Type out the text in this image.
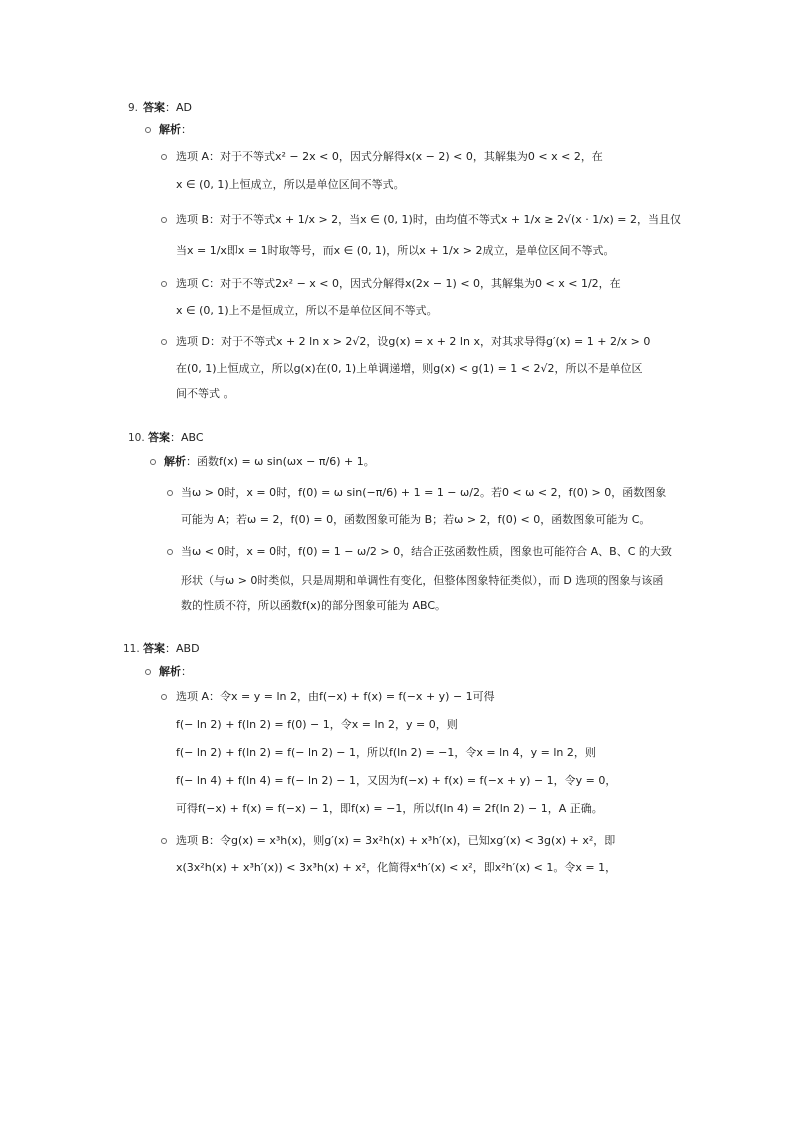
9. 答案：AD
解析：
选项 A：对于不等式x² − 2x < 0，因式分解得x(x − 2) < 0，其解集为0 < x < 2，在
x ∈ (0, 1)上恒成立，所以是单位区间不等式。
选项 B：对于不等式x + 1/x > 2，当x ∈ (0, 1)时，由均值不等式x + 1/x ≥ 2√(x · 1/x) = 2，当且仅
当x = 1/x即x = 1时取等号，而x ∈ (0, 1)，所以x + 1/x > 2成立，是单位区间不等式。
选项 C：对于不等式2x² − x < 0，因式分解得x(2x − 1) < 0，其解集为0 < x < 1/2，在
x ∈ (0, 1)上不是恒成立，所以不是单位区间不等式。
选项 D：对于不等式x + 2 ln x > 2√2，设g(x) = x + 2 ln x，对其求导得g′(x) = 1 + 2/x > 0
在(0, 1)上恒成立，所以g(x)在(0, 1)上单调递增，则g(x) < g(1) = 1 < 2√2，所以不是单位区
间不等式 。
10. 答案：ABC
解析：函数f(x) = ω sin(ωx − π/6) + 1。
当ω > 0时，x = 0时，f(0) = ω sin(−π/6) + 1 = 1 − ω/2。若0 < ω < 2，f(0) > 0，函数图象
可能为 A；若ω = 2，f(0) = 0，函数图象可能为 B；若ω > 2，f(0) < 0，函数图象可能为 C。
当ω < 0时，x = 0时，f(0) = 1 − ω/2 > 0，结合正弦函数性质，图象也可能符合 A、B、C 的大致
形状（与ω > 0时类似，只是周期和单调性有变化，但整体图象特征类似），而 D 选项的图象与该函
数的性质不符，所以函数f(x)的部分图象可能为 ABC。
11. 答案：ABD
解析：
选项 A：令x = y = ln 2，由f(−x) + f(x) = f(−x + y) − 1可得
f(− ln 2) + f(ln 2) = f(0) − 1，令x = ln 2，y = 0，则
f(− ln 2) + f(ln 2) = f(− ln 2) − 1，所以f(ln 2) = −1，令x = ln 4，y = ln 2，则
f(− ln 4) + f(ln 4) = f(− ln 2) − 1，又因为f(−x) + f(x) = f(−x + y) − 1，令y = 0，
可得f(−x) + f(x) = f(−x) − 1，即f(x) = −1，所以f(ln 4) = 2f(ln 2) − 1，A 正确。
选项 B：令g(x) = x³h(x)，则g′(x) = 3x²h(x) + x³h′(x)，已知xg′(x) < 3g(x) + x²，即
x(3x²h(x) + x³h′(x)) < 3x³h(x) + x²，化简得x⁴h′(x) < x²，即x²h′(x) < 1。令x = 1，
